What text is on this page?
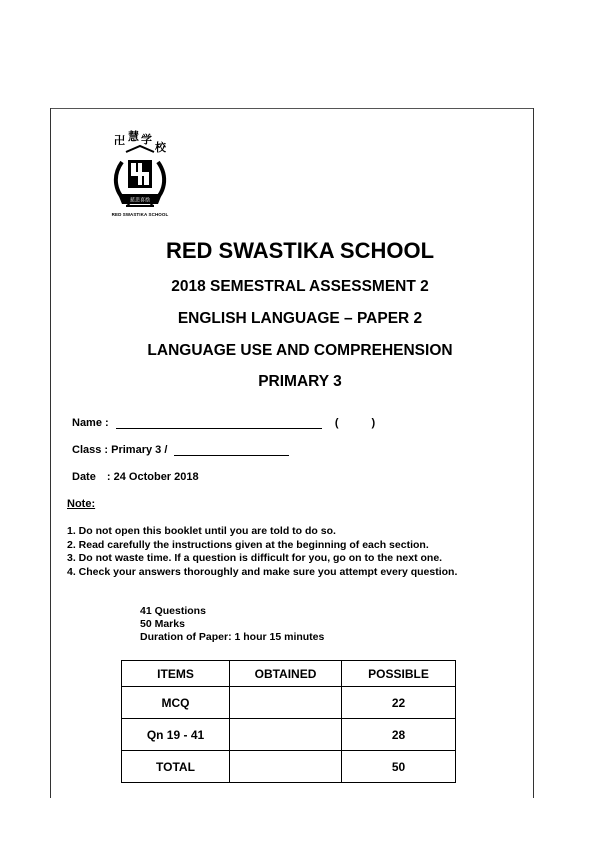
卍 慧 学
校
慈悲喜捨
RED SWASTIKA SCHOOL
RED SWASTIKA SCHOOL
2018 SEMESTRAL ASSESSMENT 2
ENGLISH LANGUAGE – PAPER 2
LANGUAGE USE AND COMPREHENSION
PRIMARY 3
Name :	(	)
Class : Primary 3 /
Date : 24 October 2018
Note:
1. Do not open this booklet until you are told to do so.
2. Read carefully the instructions given at the beginning of each section.
3. Do not waste time. If a question is difficult for you, go on to the next one.
4. Check your answers thoroughly and make sure you attempt every question.
41 Questions
50 Marks
Duration of Paper: 1 hour 15 minutes
ITEMS	OBTAINED	POSSIBLE
MCQ		22
Qn 19 - 41		28
TOTAL		50
